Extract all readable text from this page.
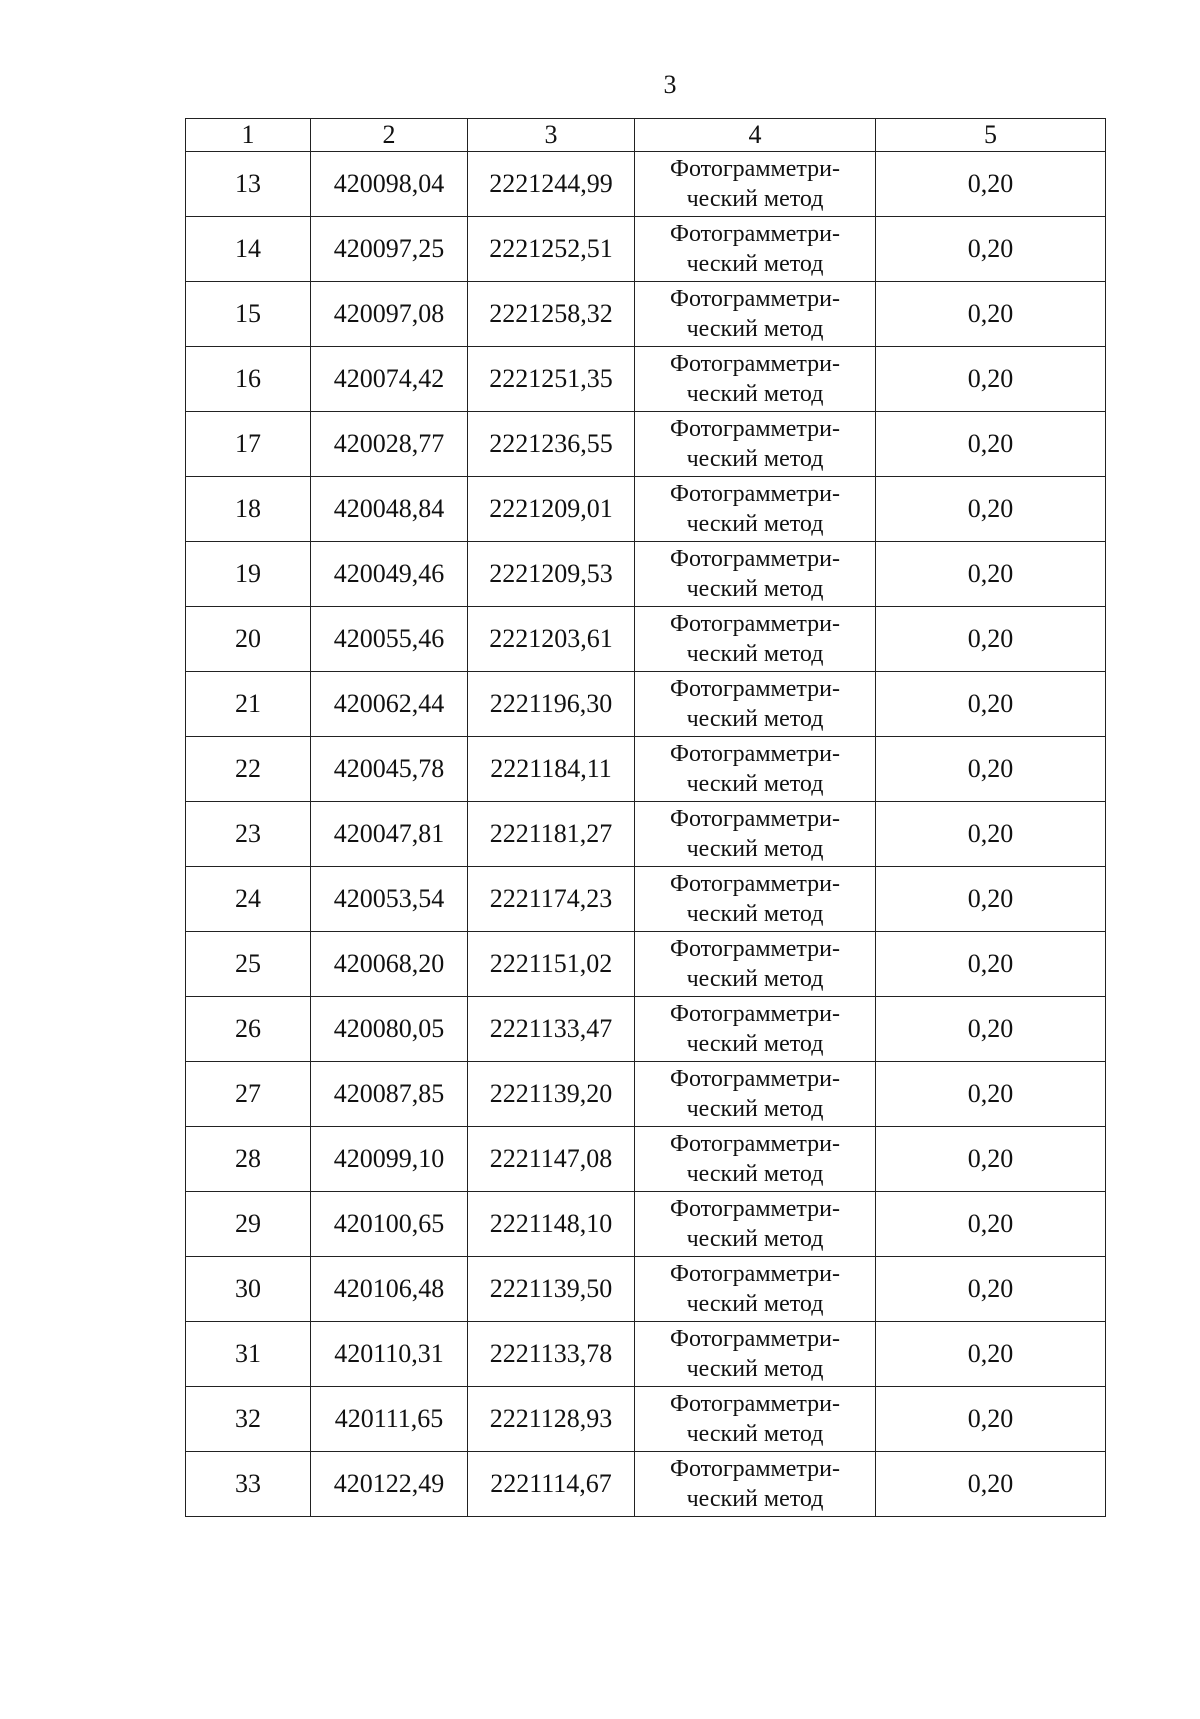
3
1	2	3	4	5
13	420098,04	2221244,99	Фотограмметри-
ческий метод	0,20
14	420097,25	2221252,51	Фотограмметри-
ческий метод	0,20
15	420097,08	2221258,32	Фотограмметри-
ческий метод	0,20
16	420074,42	2221251,35	Фотограмметри-
ческий метод	0,20
17	420028,77	2221236,55	Фотограмметри-
ческий метод	0,20
18	420048,84	2221209,01	Фотограмметри-
ческий метод	0,20
19	420049,46	2221209,53	Фотограмметри-
ческий метод	0,20
20	420055,46	2221203,61	Фотограмметри-
ческий метод	0,20
21	420062,44	2221196,30	Фотограмметри-
ческий метод	0,20
22	420045,78	2221184,11	Фотограмметри-
ческий метод	0,20
23	420047,81	2221181,27	Фотограмметри-
ческий метод	0,20
24	420053,54	2221174,23	Фотограмметри-
ческий метод	0,20
25	420068,20	2221151,02	Фотограмметри-
ческий метод	0,20
26	420080,05	2221133,47	Фотограмметри-
ческий метод	0,20
27	420087,85	2221139,20	Фотограмметри-
ческий метод	0,20
28	420099,10	2221147,08	Фотограмметри-
ческий метод	0,20
29	420100,65	2221148,10	Фотограмметри-
ческий метод	0,20
30	420106,48	2221139,50	Фотограмметри-
ческий метод	0,20
31	420110,31	2221133,78	Фотограмметри-
ческий метод	0,20
32	420111,65	2221128,93	Фотограмметри-
ческий метод	0,20
33	420122,49	2221114,67	Фотограмметри-
ческий метод	0,20
